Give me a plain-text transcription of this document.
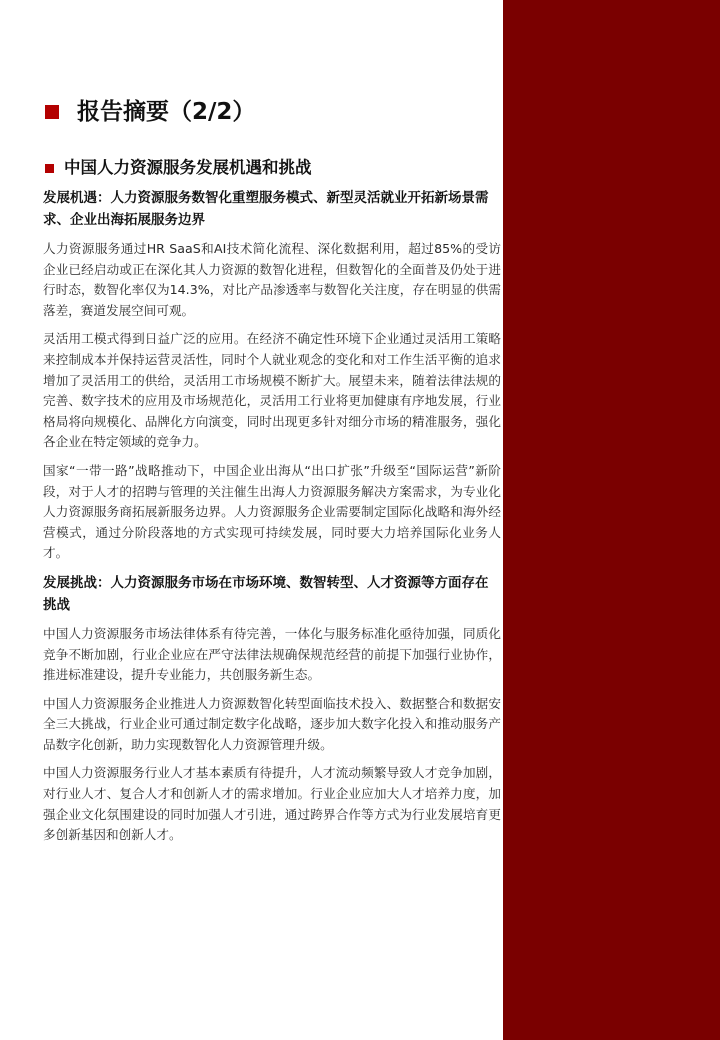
报告摘要（2/2）
中国人力资源服务发展机遇和挑战
发展机遇：人力资源服务数智化重塑服务模式、新型灵活就业开拓新场景需求、企业出海拓展服务边界

人力资源服务通过HR SaaS和AI技术简化流程、深化数据利用，超过85%的受访企业已经启动或正在深化其人力资源的数智化进程，但数智化的全面普及仍处于进行时态，数智化率仅为14.3%，对比产品渗透率与数智化关注度，存在明显的供需落差，赛道发展空间可观。

灵活用工模式得到日益广泛的应用。在经济不确定性环境下企业通过灵活用工策略来控制成本并保持运营灵活性，同时个人就业观念的变化和对工作生活平衡的追求增加了灵活用工的供给，灵活用工市场规模不断扩大。展望未来，随着法律法规的完善、数字技术的应用及市场规范化，灵活用工行业将更加健康有序地发展，行业格局将向规模化、品牌化方向演变，同时出现更多针对细分市场的精准服务，强化各企业在特定领域的竞争力。

国家“一带一路”战略推动下，中国企业出海从“出口扩张”升级至“国际运营”新阶段，对于人才的招聘与管理的关注催生出海人力资源服务解决方案需求，为专业化人力资源服务商拓展新服务边界。人力资源服务企业需要制定国际化战略和海外经营模式，通过分阶段落地的方式实现可持续发展，同时要大力培养国际化业务人才。

发展挑战：人力资源服务市场在市场环境、数智转型、人才资源等方面存在挑战

中国人力资源服务市场法律体系有待完善，一体化与服务标准化亟待加强，同质化竞争不断加剧，行业企业应在严守法律法规确保规范经营的前提下加强行业协作，推进标准建设，提升专业能力，共创服务新生态。

中国人力资源服务企业推进人力资源数智化转型面临技术投入、数据整合和数据安全三大挑战，行业企业可通过制定数字化战略，逐步加大数字化投入和推动服务产品数字化创新，助力实现数智化人力资源管理升级。

中国人力资源服务行业人才基本素质有待提升，人才流动频繁导致人才竞争加剧，对行业人才、复合人才和创新人才的需求增加。行业企业应加大人才培养力度，加强企业文化氛围建设的同时加强人才引进，通过跨界合作等方式为行业发展培育更多创新基因和创新人才。
